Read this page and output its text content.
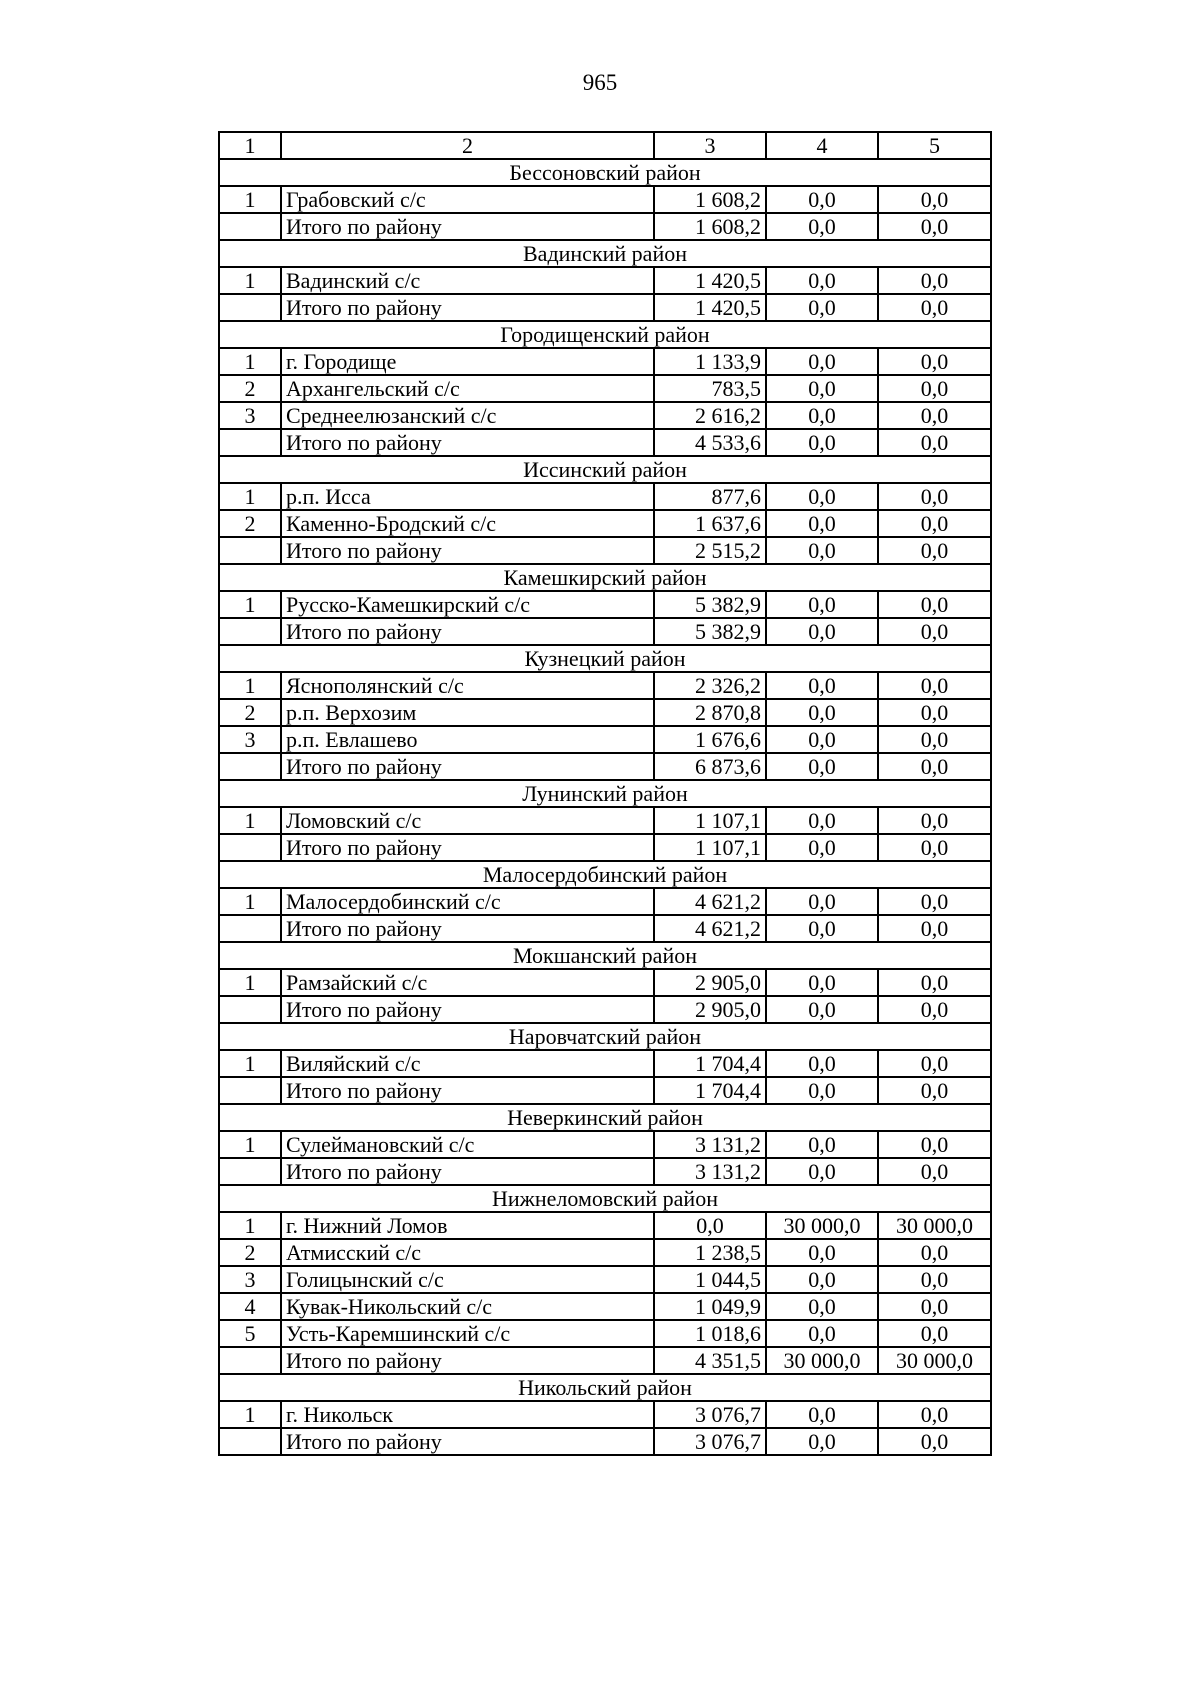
965
1	2	3	4	5
Бессоновский район				
1	Грабовский с/с	1 608,2	0,0	0,0
	Итого по району	1 608,2	0,0	0,0
Вадинский район				
1	Вадинский с/с	1 420,5	0,0	0,0
	Итого по району	1 420,5	0,0	0,0
Городищенский район				
1	г. Городище	1 133,9	0,0	0,0
2	Архангельский с/с	783,5	0,0	0,0
3	Среднеелюзанский с/с	2 616,2	0,0	0,0
	Итого по району	4 533,6	0,0	0,0
Иссинский район				
1	р.п. Исса	877,6	0,0	0,0
2	Каменно-Бродский с/с	1 637,6	0,0	0,0
	Итого по району	2 515,2	0,0	0,0
Камешкирский район				
1	Русско-Камешкирский с/с	5 382,9	0,0	0,0
	Итого по району	5 382,9	0,0	0,0
Кузнецкий район				
1	Яснополянский с/с	2 326,2	0,0	0,0
2	р.п. Верхозим	2 870,8	0,0	0,0
3	р.п. Евлашево	1 676,6	0,0	0,0
	Итого по району	6 873,6	0,0	0,0
Лунинский район				
1	Ломовский с/с	1 107,1	0,0	0,0
	Итого по району	1 107,1	0,0	0,0
Малосердобинский район				
1	Малосердобинский с/с	4 621,2	0,0	0,0
	Итого по району	4 621,2	0,0	0,0
Мокшанский район				
1	Рамзайский с/с	2 905,0	0,0	0,0
	Итого по району	2 905,0	0,0	0,0
Наровчатский район				
1	Виляйский с/с	1 704,4	0,0	0,0
	Итого по району	1 704,4	0,0	0,0
Неверкинский район				
1	Сулеймановский с/с	3 131,2	0,0	0,0
	Итого по району	3 131,2	0,0	0,0
Нижнеломовский район				
1	г. Нижний Ломов	0,0	30 000,0	30 000,0
2	Атмисский с/с	1 238,5	0,0	0,0
3	Голицынский с/с	1 044,5	0,0	0,0
4	Кувак-Никольский с/с	1 049,9	0,0	0,0
5	Усть-Каремшинский с/с	1 018,6	0,0	0,0
	Итого по району	4 351,5	30 000,0	30 000,0
Никольский район				
1	г. Никольск	3 076,7	0,0	0,0
	Итого по району	3 076,7	0,0	0,0
